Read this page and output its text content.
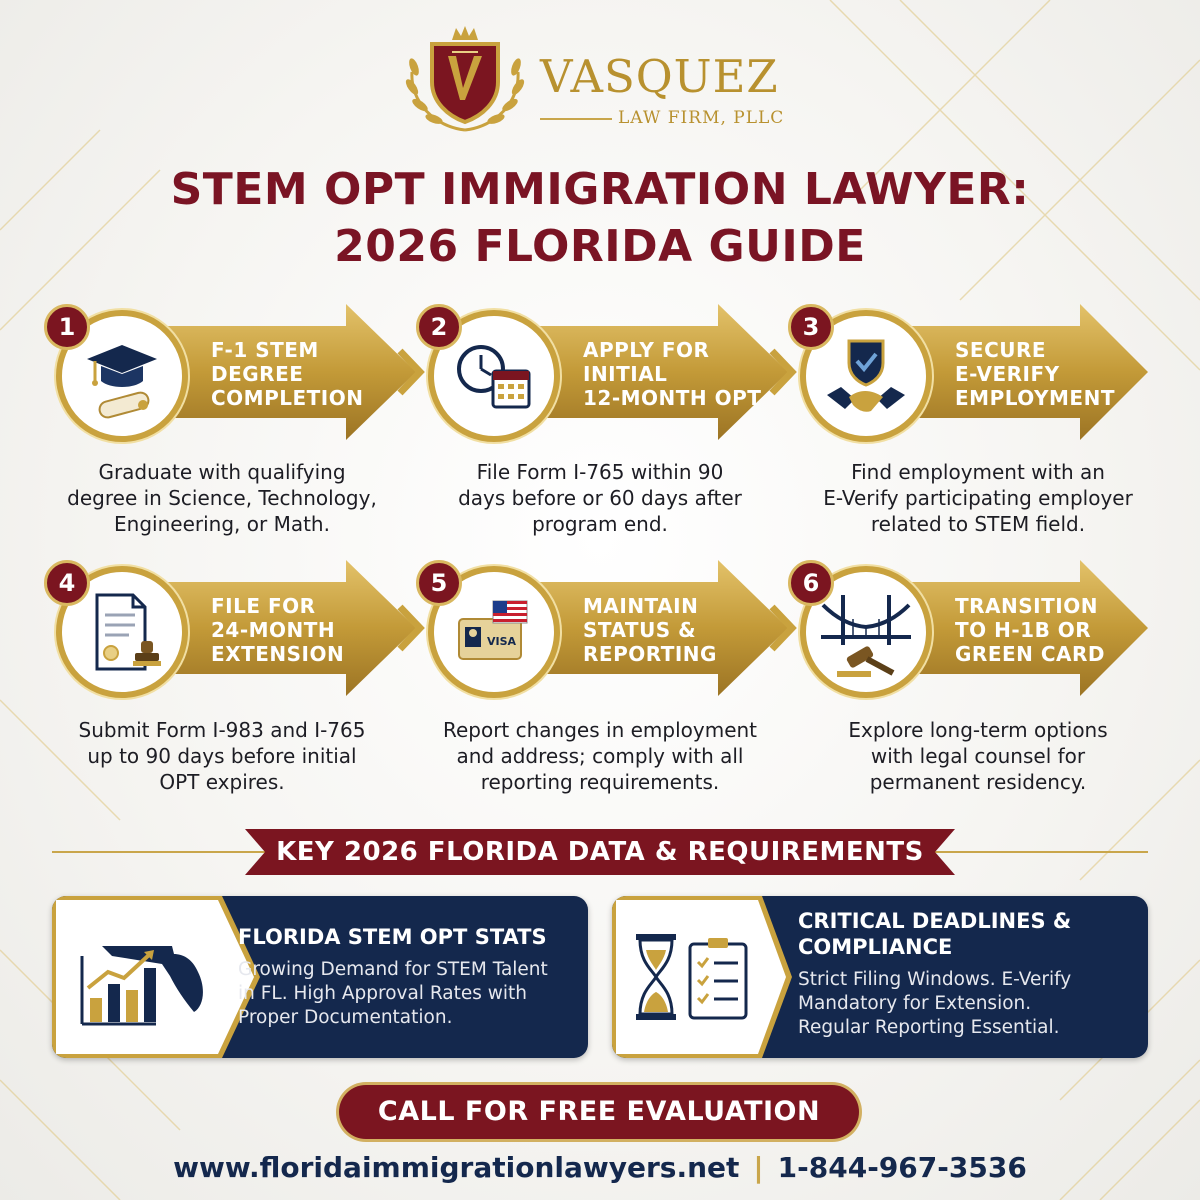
VASQUEZ
LAW FIRM, PLLC
STEM OPT IMMIGRATION LAWYER:
2026 FLORIDA GUIDE
1
F-1 STEM
DEGREE
COMPLETION
Graduate with qualifying
degree in Science, Technology,
Engineering, or Math.
2
APPLY FOR
INITIAL
12-MONTH OPT
File Form I-765 within 90
days before or 60 days after
program end.
3
SECURE
E-VERIFY
EMPLOYMENT
Find employment with an
E-Verify participating employer
related to STEM field.
4
FILE FOR
24-MONTH
EXTENSION
Submit Form I-983 and I-765
up to 90 days before initial
OPT expires.
VISA
5
MAINTAIN
STATUS &
REPORTING
Report changes in employment
and address; comply with all
reporting requirements.
6
TRANSITION
TO H-1B OR
GREEN CARD
Explore long-term options
with legal counsel for
permanent residency.
KEY 2026 FLORIDA DATA & REQUIREMENTS
FLORIDA STEM OPT STATS
Growing Demand for STEM Talent
in FL. High Approval Rates with
Proper Documentation.
CRITICAL DEADLINES &
COMPLIANCE
Strict Filing Windows. E-Verify
Mandatory for Extension.
Regular Reporting Essential.
CALL FOR FREE EVALUATION
www.floridaimmigrationlawyers.net | 1-844-967-3536
